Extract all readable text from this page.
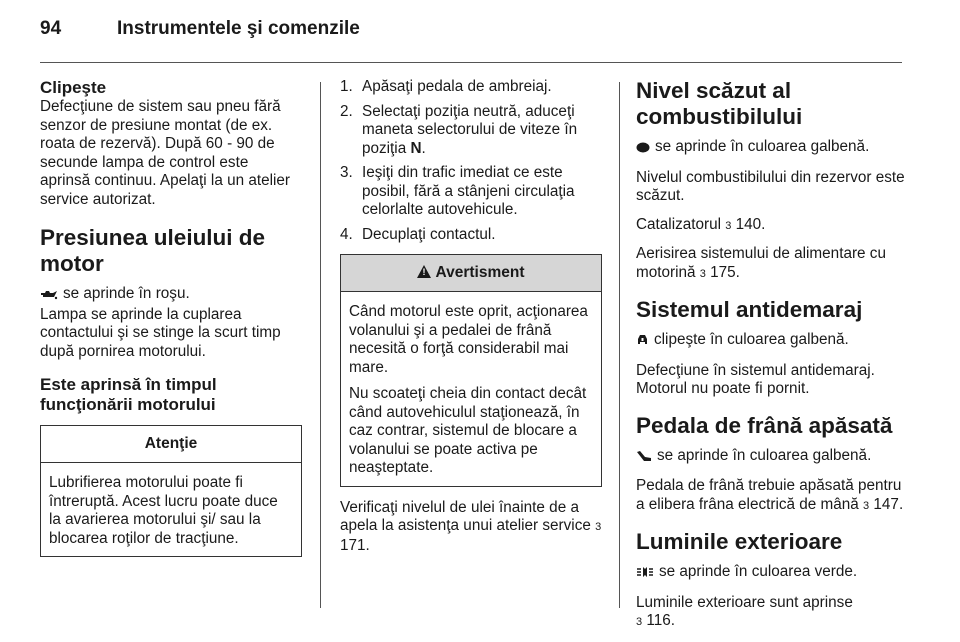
94	Instrumentele şi comenzile
Clipeşte

Defecţiune de sistem sau pneu fără senzor de presiune montat (de ex. roata de rezervă). După 60 - 90 de secunde lampa de control este aprinsă continuu. Apelaţi la un atelier service autorizat.

Presiunea uleiului de motor

se aprinde în roşu.

Lampa se aprinde la cuplarea contactului şi se stinge la scurt timp după pornirea motorului.

Este aprinsă în timpul funcţionării motorului
Atenţie

Lubrifierea motorului poate fi întreruptă. Acest lucru poate duce la avarierea motorului şi/ sau la blocarea roţilor de tracţiune.

1. Apăsaţi pedala de ambreiaj.
2. Selectaţi poziţia neutră, aduceţi maneta selectorului de viteze în poziţia N.
3. Ieşiţi din trafic imediat ce este posibil, fără a stânjeni circulaţia celorlalte autovehicule.
4. Decuplaţi contactul.
! Avertisment

Când motorul este oprit, acţionarea volanului şi a pedalei de frână necesită o forţă considerabil mai mare.

Nu scoateţi cheia din contact decât când autovehiculul staţionează, în caz contrar, sistemul de blocare a volanului se poate activa pe neaşteptate.

Verificaţi nivelul de ulei înainte de a apela la asistenţa unui atelier service 3 171.

Nivel scăzut al combustibilului

se aprinde în culoarea galbenă.

Nivelul combustibilului din rezervor este scăzut.

Catalizatorul 3 140.

Aerisirea sistemului de alimentare cu motorină 3 175.

Sistemul antidemaraj

clipeşte în culoarea galbenă.

Defecţiune în sistemul antidemaraj. Motorul nu poate fi pornit.

Pedala de frână apăsată

se aprinde în culoarea galbenă.

Pedala de frână trebuie apăsată pentru a elibera frâna electrică de mână 3 147.

Luminile exterioare

se aprinde în culoarea verde.

Luminile exterioare sunt aprinse
3 116.
